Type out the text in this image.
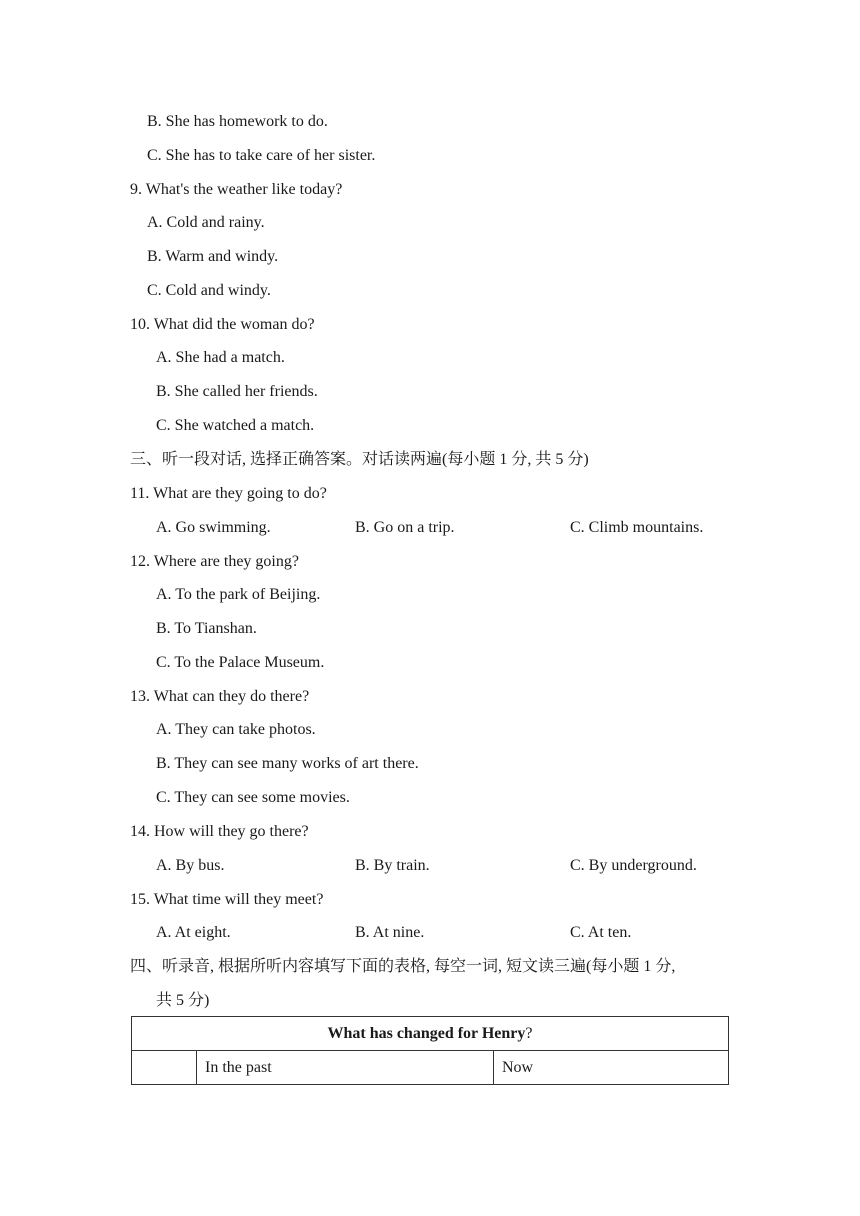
B. She has homework to do.
C. She has to take care of her sister.
9. What's the weather like today?
A. Cold and rainy.
B. Warm and windy.
C. Cold and windy.
10. What did the woman do?
A. She had a match.
B. She called her friends.
C. She watched a match.
三、听一段对话, 选择正确答案。对话读两遍(每小题 1 分, 共 5 分)
11. What are they going to do?
A. Go swimming.	B. Go on a trip.	C. Climb mountains.
12. Where are they going?
A. To the park of Beijing.
B. To Tianshan.
C. To the Palace Museum.
13. What can they do there?
A. They can take photos.
B. They can see many works of art there.
C. They can see some movies.
14. How will they go there?
A. By bus.	B. By train.	C. By underground.
15. What time will they meet?
A. At eight.	B. At nine.	C. At ten.
四、听录音, 根据所听内容填写下面的表格, 每空一词, 短文读三遍(每小题 1 分,
共 5 分)
What has changed for Henry?
	In the past	Now
